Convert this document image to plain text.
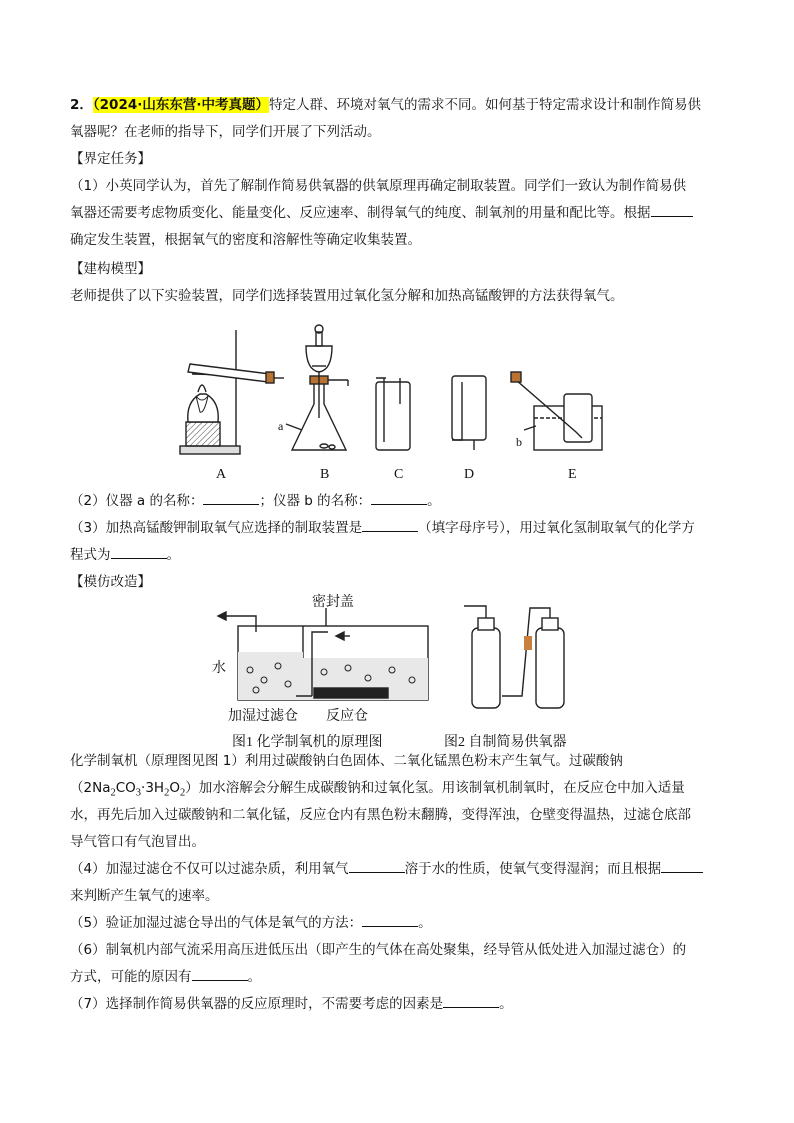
2．（2024·山东东营·中考真题）特定人群、环境对氧气的需求不同。如何基于特定需求设计和制作简易供
氧器呢？在老师的指导下，同学们开展了下列活动。
【界定任务】
（1）小英同学认为，首先了解制作简易供氧器的供氧原理再确定制取装置。同学们一致认为制作简易供
氧器还需要考虑物质变化、能量变化、反应速率、制得氧气的纯度、制氧剂的用量和配比等。根据
确定发生装置，根据氧气的密度和溶解性等确定收集装置。
【建构模型】
老师提供了以下实验装置，同学们选择装置用过氧化氢分解和加热高锰酸钾的方法获得氧气。
A	B	C	D	E
a
b
（2）仪器 a 的名称：	；仪器 b 的名称：	。
（3）加热高锰酸钾制取氧气应选择的制取装置是	（填字母序号），用过氧化氢制取氧气的化学方
程式为	。
【模仿改造】
密封盖
水
加湿过滤仓 反应仓
图1 化学制氧机的原理图	图2 自制简易供氧器
化学制氧机（原理图见图 1）利用过碳酸钠白色固体、二氧化锰黑色粉末产生氧气。过碳酸钠
$(2Na_2CO_3\cdot 3H_2O_2)$加水溶解会分解生成碳酸钠和过氧化氢。用该制氧机制氧时，在反应仓中加入适量
水，再先后加入过碳酸钠和二氧化锰，反应仓内有黑色粉末翻腾，变得浑浊，仓壁变得温热，过滤仓底部
导气管口有气泡冒出。
（4）加湿过滤仓不仅可以过滤杂质，利用氧气	溶于水的性质，使氧气变得湿润；而且根据
来判断产生氧气的速率。
（5）验证加湿过滤仓导出的气体是氧气的方法：	。
（6）制氧机内部气流采用高压进低压出（即产生的气体在高处聚集，经导管从低处进入加湿过滤仓）的
方式，可能的原因有	。
（7）选择制作简易供氧器的反应原理时，不需要考虑的因素是	。
